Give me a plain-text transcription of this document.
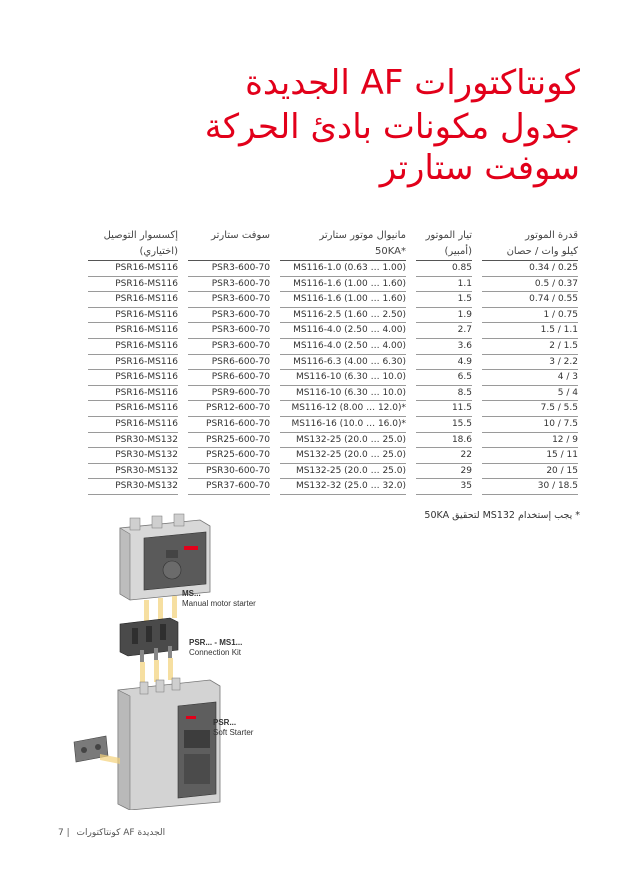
كونتاكتورات AF الجديدة
جدول مكونات بادئ الحركة
سوفت ستارتر
إكسسوار التوصيل
(اختياري)
PSR16-MS116
PSR16-MS116
PSR16-MS116
PSR16-MS116
PSR16-MS116
PSR16-MS116
PSR16-MS116
PSR16-MS116
PSR16-MS116
PSR16-MS116
PSR16-MS116
PSR30-MS132
PSR30-MS132
PSR30-MS132
PSR30-MS132
سوفت ستارتر
PSR3-600-70
PSR3-600-70
PSR3-600-70
PSR3-600-70
PSR3-600-70
PSR3-600-70
PSR6-600-70
PSR6-600-70
PSR9-600-70
PSR12-600-70
PSR16-600-70
PSR25-600-70
PSR25-600-70
PSR30-600-70
PSR37-600-70
مانيوال موتور ستارتر
*50KA
MS116-1.0 (0.63 … 1.00)
MS116-1.6 (1.00 … 1.60)
MS116-1.6 (1.00 … 1.60)
MS116-2.5 (1.60 … 2.50)
MS116-4.0 (2.50 … 4.00)
MS116-4.0 (2.50 … 4.00)
MS116-6.3 (4.00 … 6.30)
MS116-10 (6.30 … 10.0)
MS116-10 (6.30 … 10.0)
MS116-12 (8.00 … 12.0)*
MS116-16 (10.0 … 16.0)*
MS132-25 (20.0 … 25.0)
MS132-25 (20.0 … 25.0)
MS132-25 (20.0 … 25.0)
MS132-32 (25.0 … 32.0)
تيار الموتور
(أمبير)
0.85
1.1
1.5
1.9
2.7
3.6
4.9
6.5
8.5
11.5
15.5
18.6
22
29
35
قدرة الموتور
كيلو وات / حصان
0.34 / 0.25
0.5 / 0.37
0.74 / 0.55
1 / 0.75
1.5 / 1.1
2 / 1.5
3 / 2.2
4 / 3
5 / 4
7.5 / 5.5
10 / 7.5
12 / 9
15 / 11
20 / 15
30 / 18.5
* يجب إستخدام MS132 لتحقيق 50KA
MS...
Manual motor starter
PSR... - MS1...
Connection Kit
PSR...
Soft Starter
7 | كونتاكتورات AF الجديدة
